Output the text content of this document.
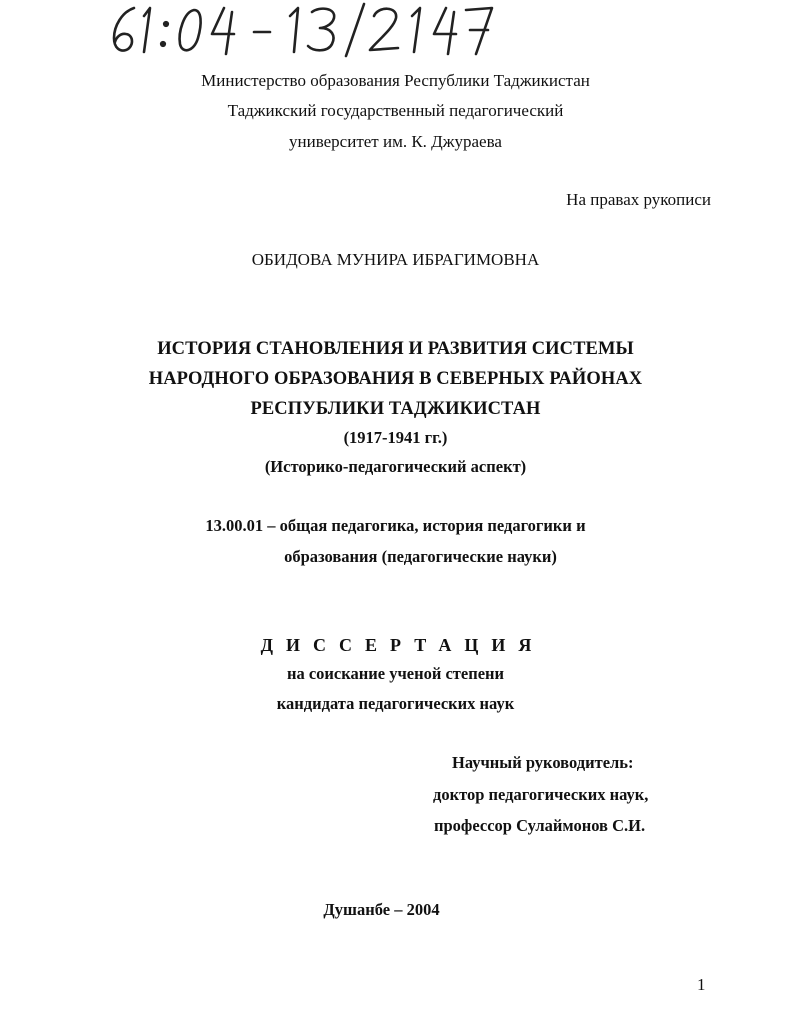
Министерство образования Республики Таджикистан
Таджикский государственный педагогический
университет им. К. Джураева
На правах рукописи
ОБИДОВА МУНИРА ИБРАГИМОВНА
ИСТОРИЯ СТАНОВЛЕНИЯ И РАЗВИТИЯ СИСТЕМЫ
НАРОДНОГО ОБРАЗОВАНИЯ В СЕВЕРНЫХ РАЙОНАХ
РЕСПУБЛИКИ ТАДЖИКИСТАН
(1917-1941 гг.)
(Историко-педагогический аспект)
13.00.01 – общая педагогика, история педагогики и
образования (педагогические науки)
ДИССЕРТАЦИЯ
на соискание ученой степени
кандидата педагогических наук
Научный руководитель:
доктор педагогических наук,
профессор Сулаймонов С.И.
Душанбе – 2004
1
